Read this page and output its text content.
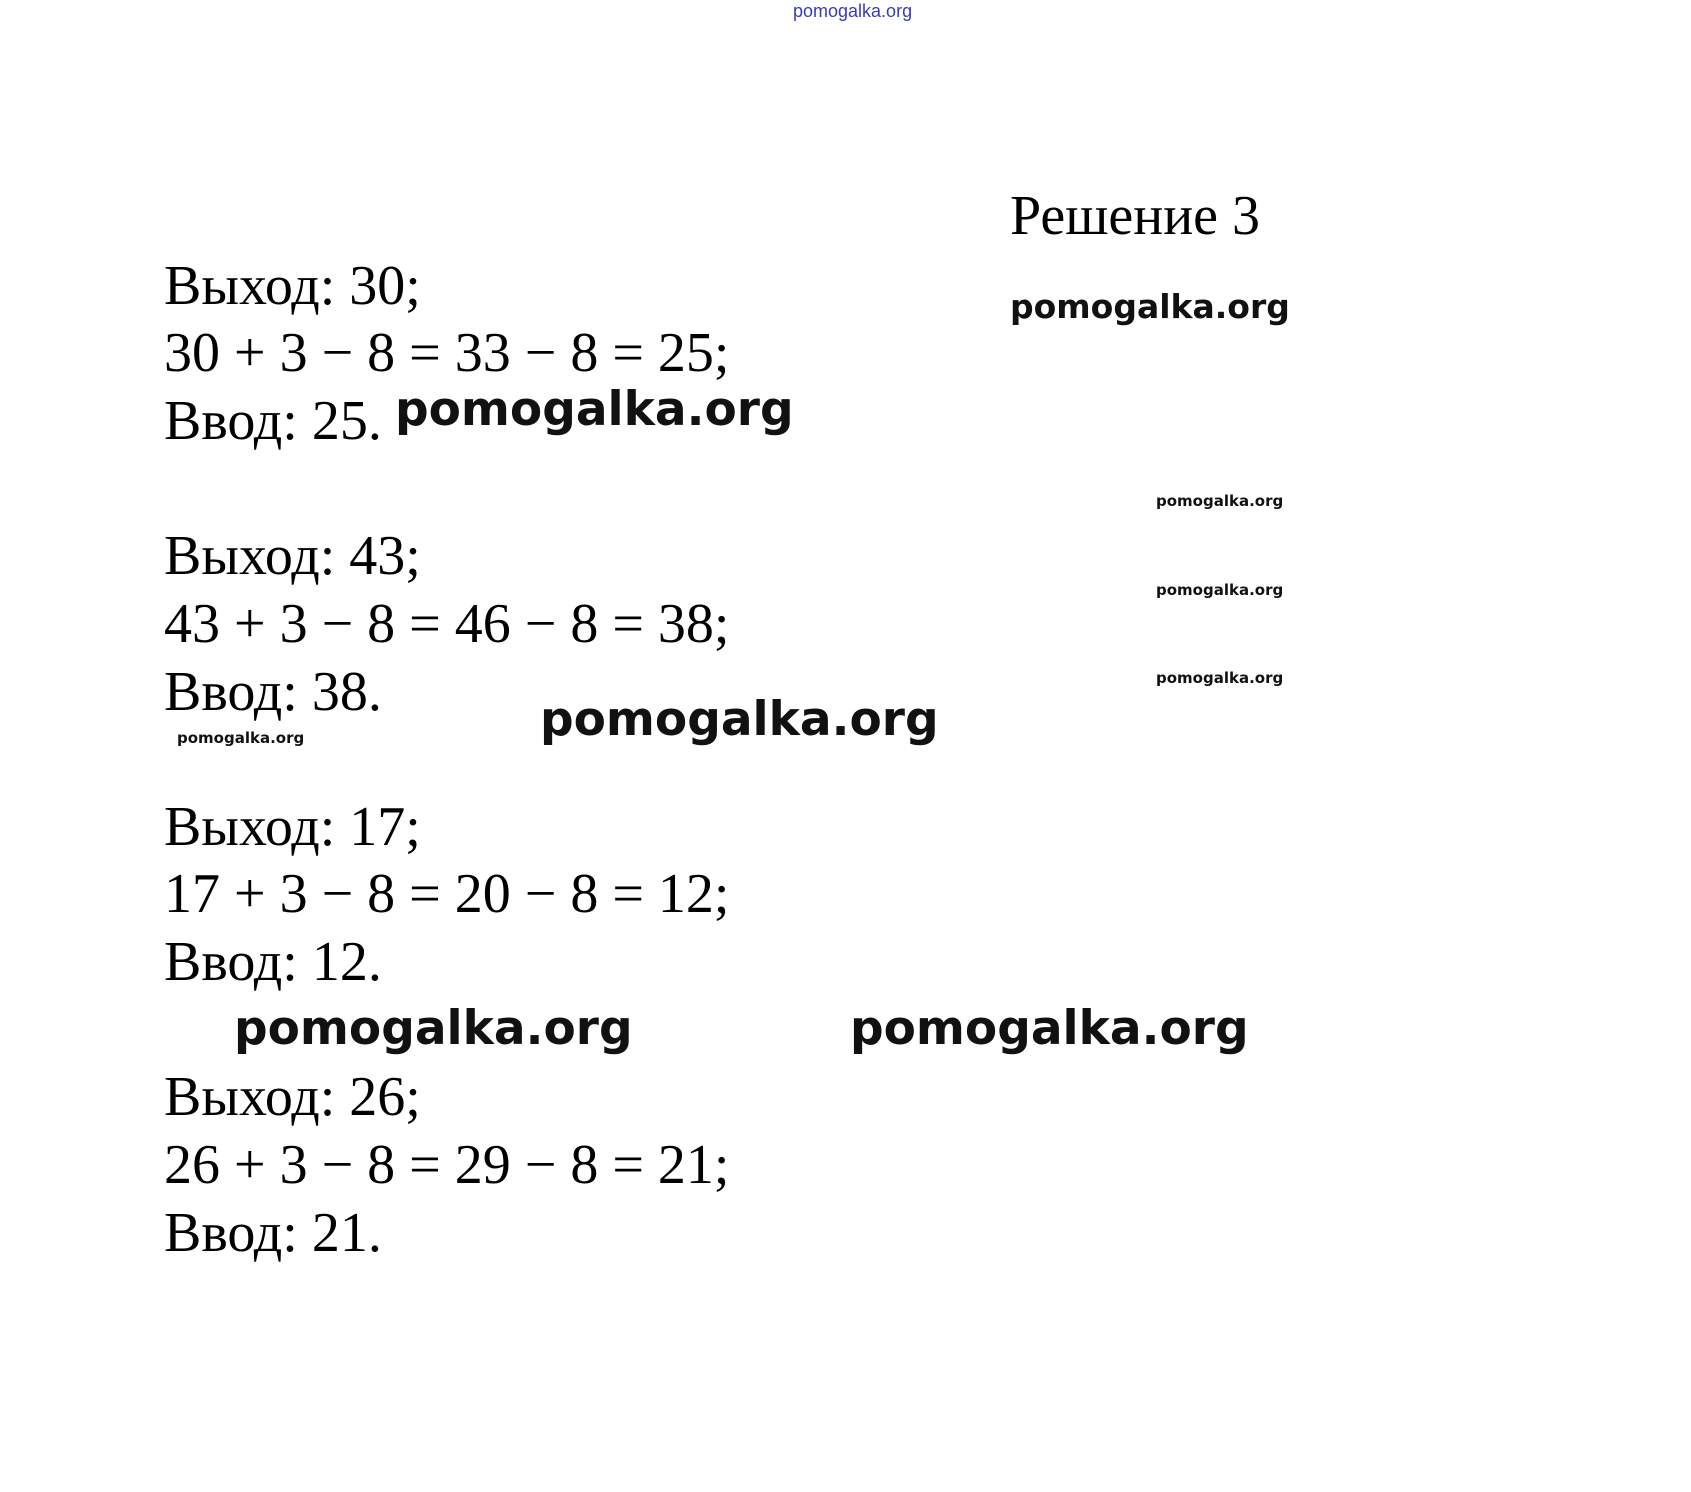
pomogalka.org
Решение 3
pomogalka.org
Выход: 30;
30 + 3 − 8 = 33 − 8 = 25;
Ввод: 25. pomogalka.org
pomogalka.org
pomogalka.org
pomogalka.org
Выход: 43;
43 + 3 − 8 = 46 − 8 = 38;
Ввод: 38.
pomogalka.org	pomogalka.org
Выход: 17;
17 + 3 − 8 = 20 − 8 = 12;
Ввод: 12.
pomogalka.org	pomogalka.org
Выход: 26;
26 + 3 − 8 = 29 − 8 = 21;
Ввод: 21.
